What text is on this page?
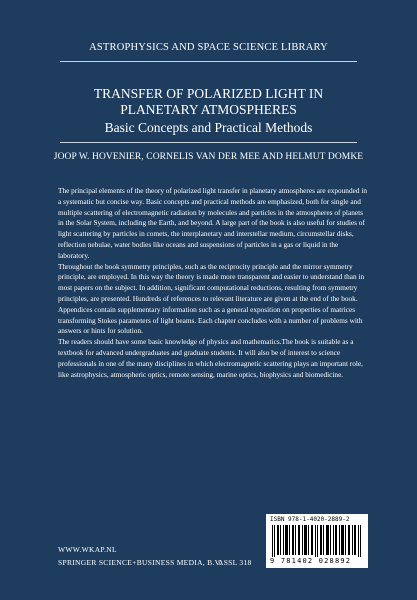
ASTROPHYSICS AND SPACE SCIENCE LIBRARY
TRANSFER OF POLARIZED LIGHT IN
PLANETARY ATMOSPHERES
Basic Concepts and Practical Methods
JOOP W. HOVENIER, CORNELIS VAN DER MEE AND HELMUT DOMKE

The principal elements of the theory of polarized light transfer in planetary atmospheres are expounded in a systematic but concise way. Basic concepts and practical methods are emphasized, both for single and multiple scattering of electromagnetic radiation by molecules and particles in the atmospheres of planets in the Solar System, including the Earth, and beyond. A large part of the book is also useful for studies of light scattering by particles in comets, the interplanetary and interstellar medium, circumstellar disks, reflection nebulae, water bodies like oceans and suspensions of particles in a gas or liquid in the laboratory.

Throughout the book symmetry principles, such as the reciprocity principle and the mirror symmetry principle, are employed. In this way the theory is made more transparent and easier to understand than in most papers on the subject. In addition, significant computational reductions, resulting from symmetry principles, are presented. Hundreds of references to relevant literature are given at the end of the book. Appendices contain supplementary information such as a general exposition on properties of matrices transforming Stokes parameters of light beams. Each chapter concludes with a number of problems with answers or hints for solution.

The readers should have some basic knowledge of physics and mathematics.The book is suitable as a textbook for advanced undergraduates and graduate students. It will also be of interest to science professionals in one of the many disciplines in which electromagnetic scattering plays an important role, like astrophysics, atmospheric optics, remote sensing, marine optics, biophysics and biomedicine.

ISBN 978-1-4020-2889-2
9 781402 028892
WWW.WKAP.NL
SPRINGER SCIENCE+BUSINESS MEDIA, B.V.
ASSL 318
